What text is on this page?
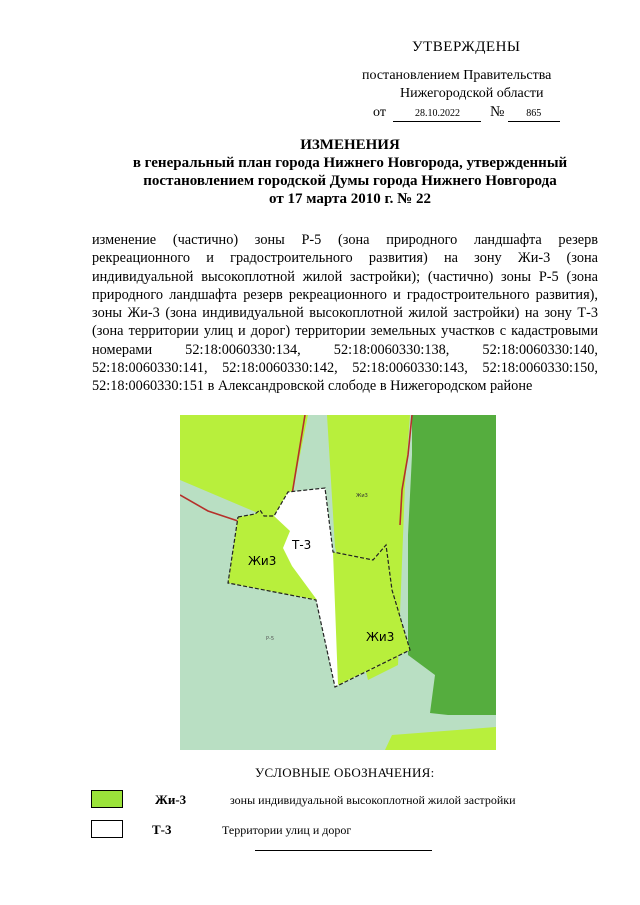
УТВЕРЖДЕНЫ
постановлением Правительства
Нижегородской области
от	28.10.2022 № 865
ИЗМЕНЕНИЯ
в генеральный план города Нижнего Новгорода, утвержденный
постановлением городской Думы города Нижнего Новгорода
от 17 марта 2010 г. № 22
изменение (частично) зоны Р-5 (зона природного ландшафта резерв рекреационного и градостроительного развития) на зону Жи-3 (зона индивидуальной высокоплотной жилой застройки); (частично) зоны Р-5 (зона природного ландшафта резерв рекреационного и градостроительного развития), зоны Жи-3 (зона индивидуальной высокоплотной жилой застройки) на зону Т-3 (зона территории улиц и дорог) территории земельных участков с кадастровыми номерами 52:18:0060330:134, 52:18:0060330:138, 52:18:0060330:140, 52:18:0060330:141, 52:18:0060330:142, 52:18:0060330:143, 52:18:0060330:150, 52:18:0060330:151 в Александровской слободе в Нижегородском районе
Т-3
Жи3
Жи3
Жи3
Р-5
УСЛОВНЫЕ ОБОЗНАЧЕНИЯ:
Жи-3	зоны индивидуальной высокоплотной жилой застройки
Т-3	Территории улиц и дорог
